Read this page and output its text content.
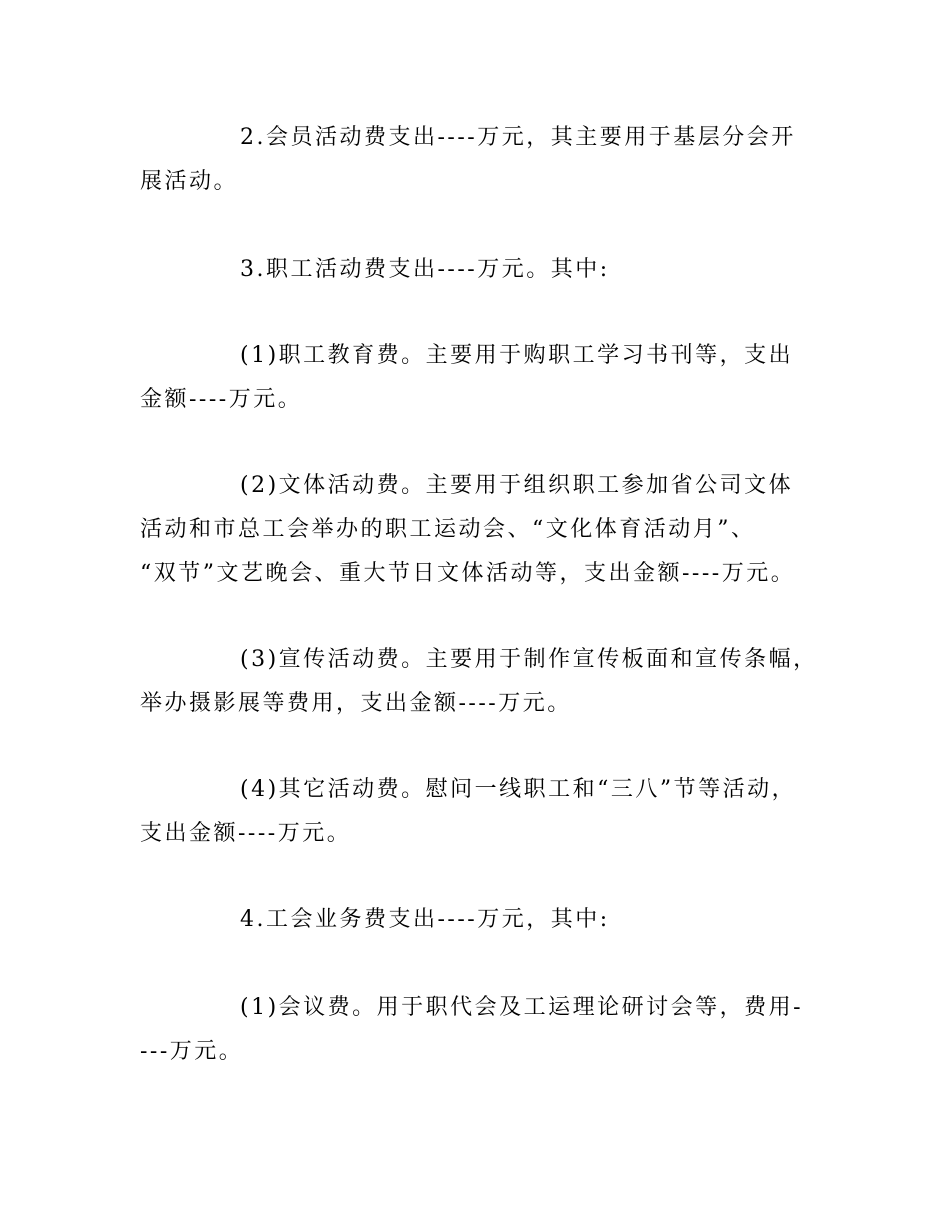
2.会员活动费支出----万元，其主要用于基层分会开
展活动。

3.职工活动费支出----万元。其中:

(1)职工教育费。主要用于购职工学习书刊等，支出
金额----万元。

(2)文体活动费。主要用于组织职工参加省公司文体
活动和市总工会举办的职工运动会、“文化体育活动月”、
“双节”文艺晚会、重大节日文体活动等，支出金额----万元。

(3)宣传活动费。主要用于制作宣传板面和宣传条幅，
举办摄影展等费用，支出金额----万元。

(4)其它活动费。慰问一线职工和“三八”节等活动，
支出金额----万元。

4.工会业务费支出----万元，其中:

(1)会议费。用于职代会及工运理论研讨会等，费用-
---万元。
